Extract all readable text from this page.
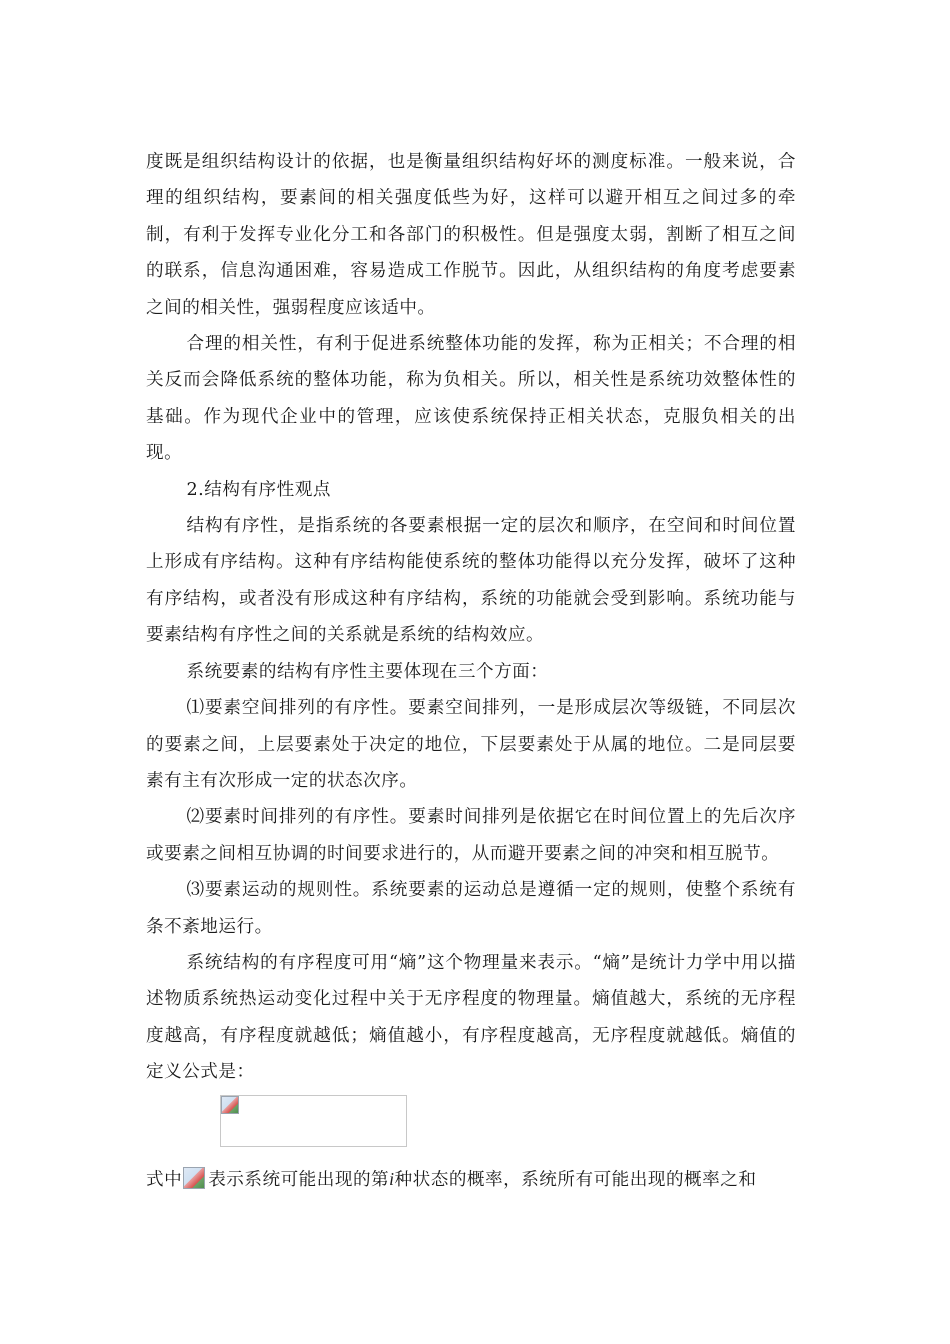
度既是组织结构设计的依据，也是衡量组织结构好坏的测度标准。一般来说，合理的组织结构，要素间的相关强度低些为好，这样可以避开相互之间过多的牵制，有利于发挥专业化分工和各部门的积极性。但是强度太弱，割断了相互之间的联系，信息沟通困难，容易造成工作脱节。因此，从组织结构的角度考虑要素之间的相关性，强弱程度应该适中。

合理的相关性，有利于促进系统整体功能的发挥，称为正相关；不合理的相关反而会降低系统的整体功能，称为负相关。所以，相关性是系统功效整体性的基础。作为现代企业中的管理，应该使系统保持正相关状态，克服负相关的出现。

2.结构有序性观点

结构有序性，是指系统的各要素根据一定的层次和顺序，在空间和时间位置上形成有序结构。这种有序结构能使系统的整体功能得以充分发挥，破坏了这种有序结构，或者没有形成这种有序结构，系统的功能就会受到影响。系统功能与要素结构有序性之间的关系就是系统的结构效应。

系统要素的结构有序性主要体现在三个方面：

⑴要素空间排列的有序性。要素空间排列，一是形成层次等级链，不同层次的要素之间，上层要素处于决定的地位，下层要素处于从属的地位。二是同层要素有主有次形成一定的状态次序。

⑵要素时间排列的有序性。要素时间排列是依据它在时间位置上的先后次序或要素之间相互协调的时间要求进行的，从而避开要素之间的冲突和相互脱节。

⑶要素运动的规则性。系统要素的运动总是遵循一定的规则，使整个系统有条不紊地运行。

系统结构的有序程度可用“熵”这个物理量来表示。“熵”是统计力学中用以描述物质系统热运动变化过程中关于无序程度的物理量。熵值越大，系统的无序程度越高，有序程度就越低；熵值越小，有序程度越高，无序程度就越低。熵值的定义公式是：

式中 表示系统可能出现的第i种状态的概率，系统所有可能出现的概率之和
